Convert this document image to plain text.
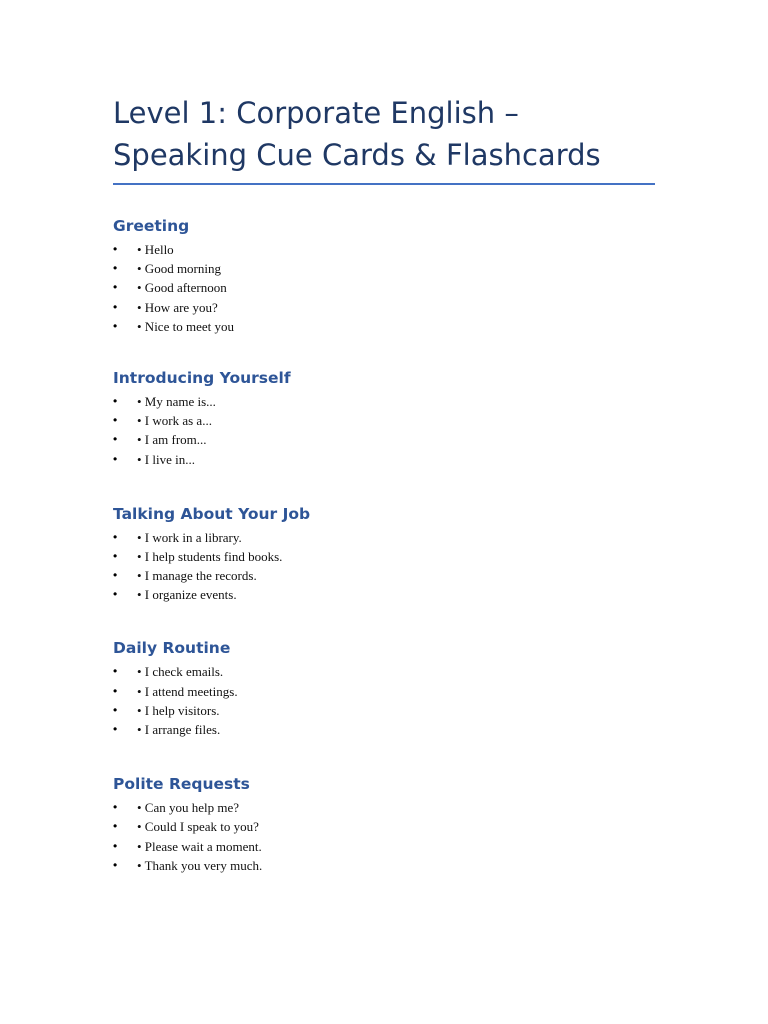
Level 1: Corporate English – Speaking Cue Cards & Flashcards
Greeting
• • Hello
• • Good morning
• • Good afternoon
• • How are you?
• • Nice to meet you
Introducing Yourself
• • My name is...
• • I work as a...
• • I am from...
• • I live in...
Talking About Your Job
• • I work in a library.
• • I help students find books.
• • I manage the records.
• • I organize events.
Daily Routine
• • I check emails.
• • I attend meetings.
• • I help visitors.
• • I arrange files.
Polite Requests
• • Can you help me?
• • Could I speak to you?
• • Please wait a moment.
• • Thank you very much.
